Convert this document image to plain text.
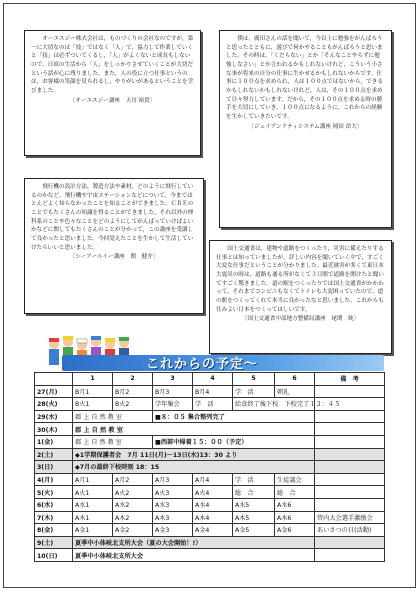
　オーエスジー株式会社は，ものづくりの会社なのですが，第一に大切なのは「技」ではなく「人」で，協力して作業していくと「技」は必ずついてくるし，「人」がよくないと成長もしないので，日頃の生活から「人」をしっかりさせていくことが大切だという話が心に残りました。また，人の役に立つ仕事というのは，お客様の笑顔を見られるし，やりがいがあるということを学びました。

〔オーエスジー講座　天川 裕貴〕

　僕は，廣田さんの話を聞いて，今以上に勉強をがんばろうと思ったとともに，遊びで何かやることもがんばろうと思いました。その時は，「くだらない」とか「そんなことやらずに勉強しなさい」とか言われるかもしれないけれど，こういう小さな事が将来の自分の仕事に生かせるかもしれないからです。仕事に１００点を求められ，人は１００点ではないから，できるかもしれないかもしれないけれど，人は，その１００点を求めて日々努力しています。だから，その１００点を求める時の勝手を大切にしていき，１００点になるように，これからの経験を生かしていきたいです。

〔ジェイアンドティシステム講座 岡田 昂大〕

　飛行機の設計方法，製造方法や素材，どのように飛行しているのかなど，飛行機や宇宙ステーションなどについて，今までほとんどよく知らなかったことを知ることができました。ＣＲＥのことでもたくさんの知識を得ることができました。それ以外の理科系のことや色々なことをどのようにしてがんばっていけばよいかなどに関してもたくさんのことが分かって，この講座を受講して良かったと思いました。今回覚えたことを生かして生活していけたらいいと思いました。

〔シーアールイー講座　関　健介〕

　国土交通省は，建物や道路をつくったり，災害に備えたりする仕事とは知っていましたが，詳しい内容を聞いていく中で，すごく大変な仕事だということが分かりました。最近被害が多くて東日本大震災の時は，道路も通る所がなくて３日間で道路を開けたと聞いてすごく驚きました。道の駅をつくったりでは国土交通省がかかわって，それまでコンビニもなくてトイレも大変困っていたので，道の駅をつくってくれて本当に良かったなと思いました。これからも住みよい日本をつくってほしいです。

〔国土交通省中部地方整備局講座　尾関　純〕
これからの予定〜
	1	2	3	4	5	6	備　考
27(月)	B月1	B月2	B月3	B月4	学　活	朝礼	
28(火)	B火1	B火2	学年集会	学　活	給食終了後下校　下校完了１３：４５		
29(水)	郡 上 自 然 教 室		■８：０５ 集合整列完了				
30(木)	郡 上 自 然 教 室						
1(金)	郡 上 自 然 教 室		■西部中帰着１５：００（予定）				
2(土)	◆1学期保護者会　7月 11日(月)～13日(水)13：30 より						
3(日)	◆7月の最終下校時刻 18：15						
4(月)	A月1	A月2	A月3	A月4	学　活	生徒議会	
5(火)	A火1	A火2	A火3	A火4	総　合	総　合	
6(水)	A水1	A水2	A水3	A水4	A水5	A水6	
7(木)	A木1	A木2	A木3	A木4	A木5	A木6	管内大会選手激励会
8(金)	A金1	A金2	A金3	A金4	A金5	A金6	あいさつの日(活動)
9(土)	夏季中小体岐北支所大会（夏の大会開始！!）						
10(日)	夏季中小体岐北支所大会						
